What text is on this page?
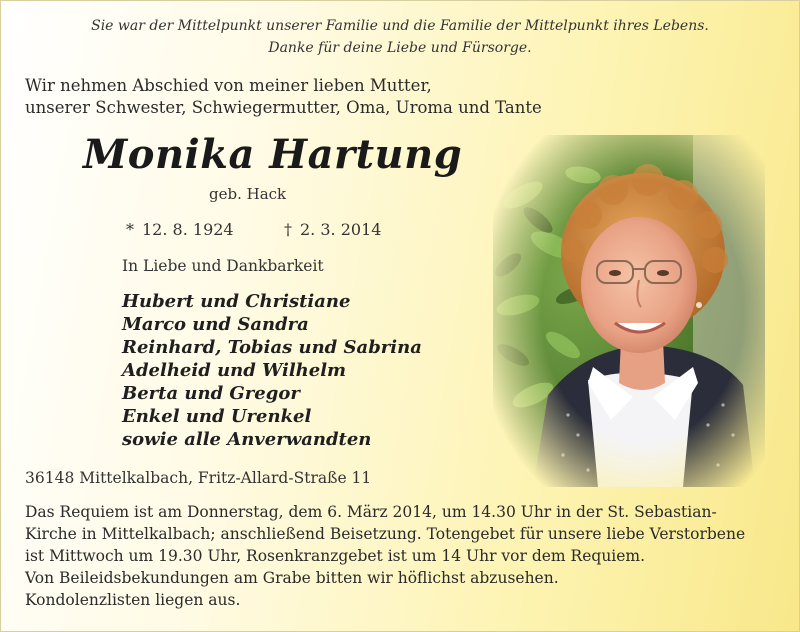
Sie war der Mittelpunkt unserer Familie und die Familie der Mittelpunkt ihres Lebens.
Danke für deine Liebe und Fürsorge.
Wir nehmen Abschied von meiner lieben Mutter,
unserer Schwester, Schwiegermutter, Oma, Uroma und Tante
Monika Hartung
geb. Hack
* 12. 8. 1924	† 2. 3. 2014
In Liebe und Dankbarkeit
Hubert und Christiane
Marco und Sandra
Reinhard, Tobias und Sabrina
Adelheid und Wilhelm
Berta und Gregor
Enkel und Urenkel
sowie alle Anverwandten
36148 Mittelkalbach, Fritz-Allard-Straße 11
Das Requiem ist am Donnerstag, dem 6. März 2014, um 14.30 Uhr in der St. Sebastian-
Kirche in Mittelkalbach; anschließend Beisetzung. Totengebet für unsere liebe Verstorbene
ist Mittwoch um 19.30 Uhr, Rosenkranzgebet ist um 14 Uhr vor dem Requiem.
Von Beileidsbekundungen am Grabe bitten wir höflichst abzusehen.
Kondolenzlisten liegen aus.
